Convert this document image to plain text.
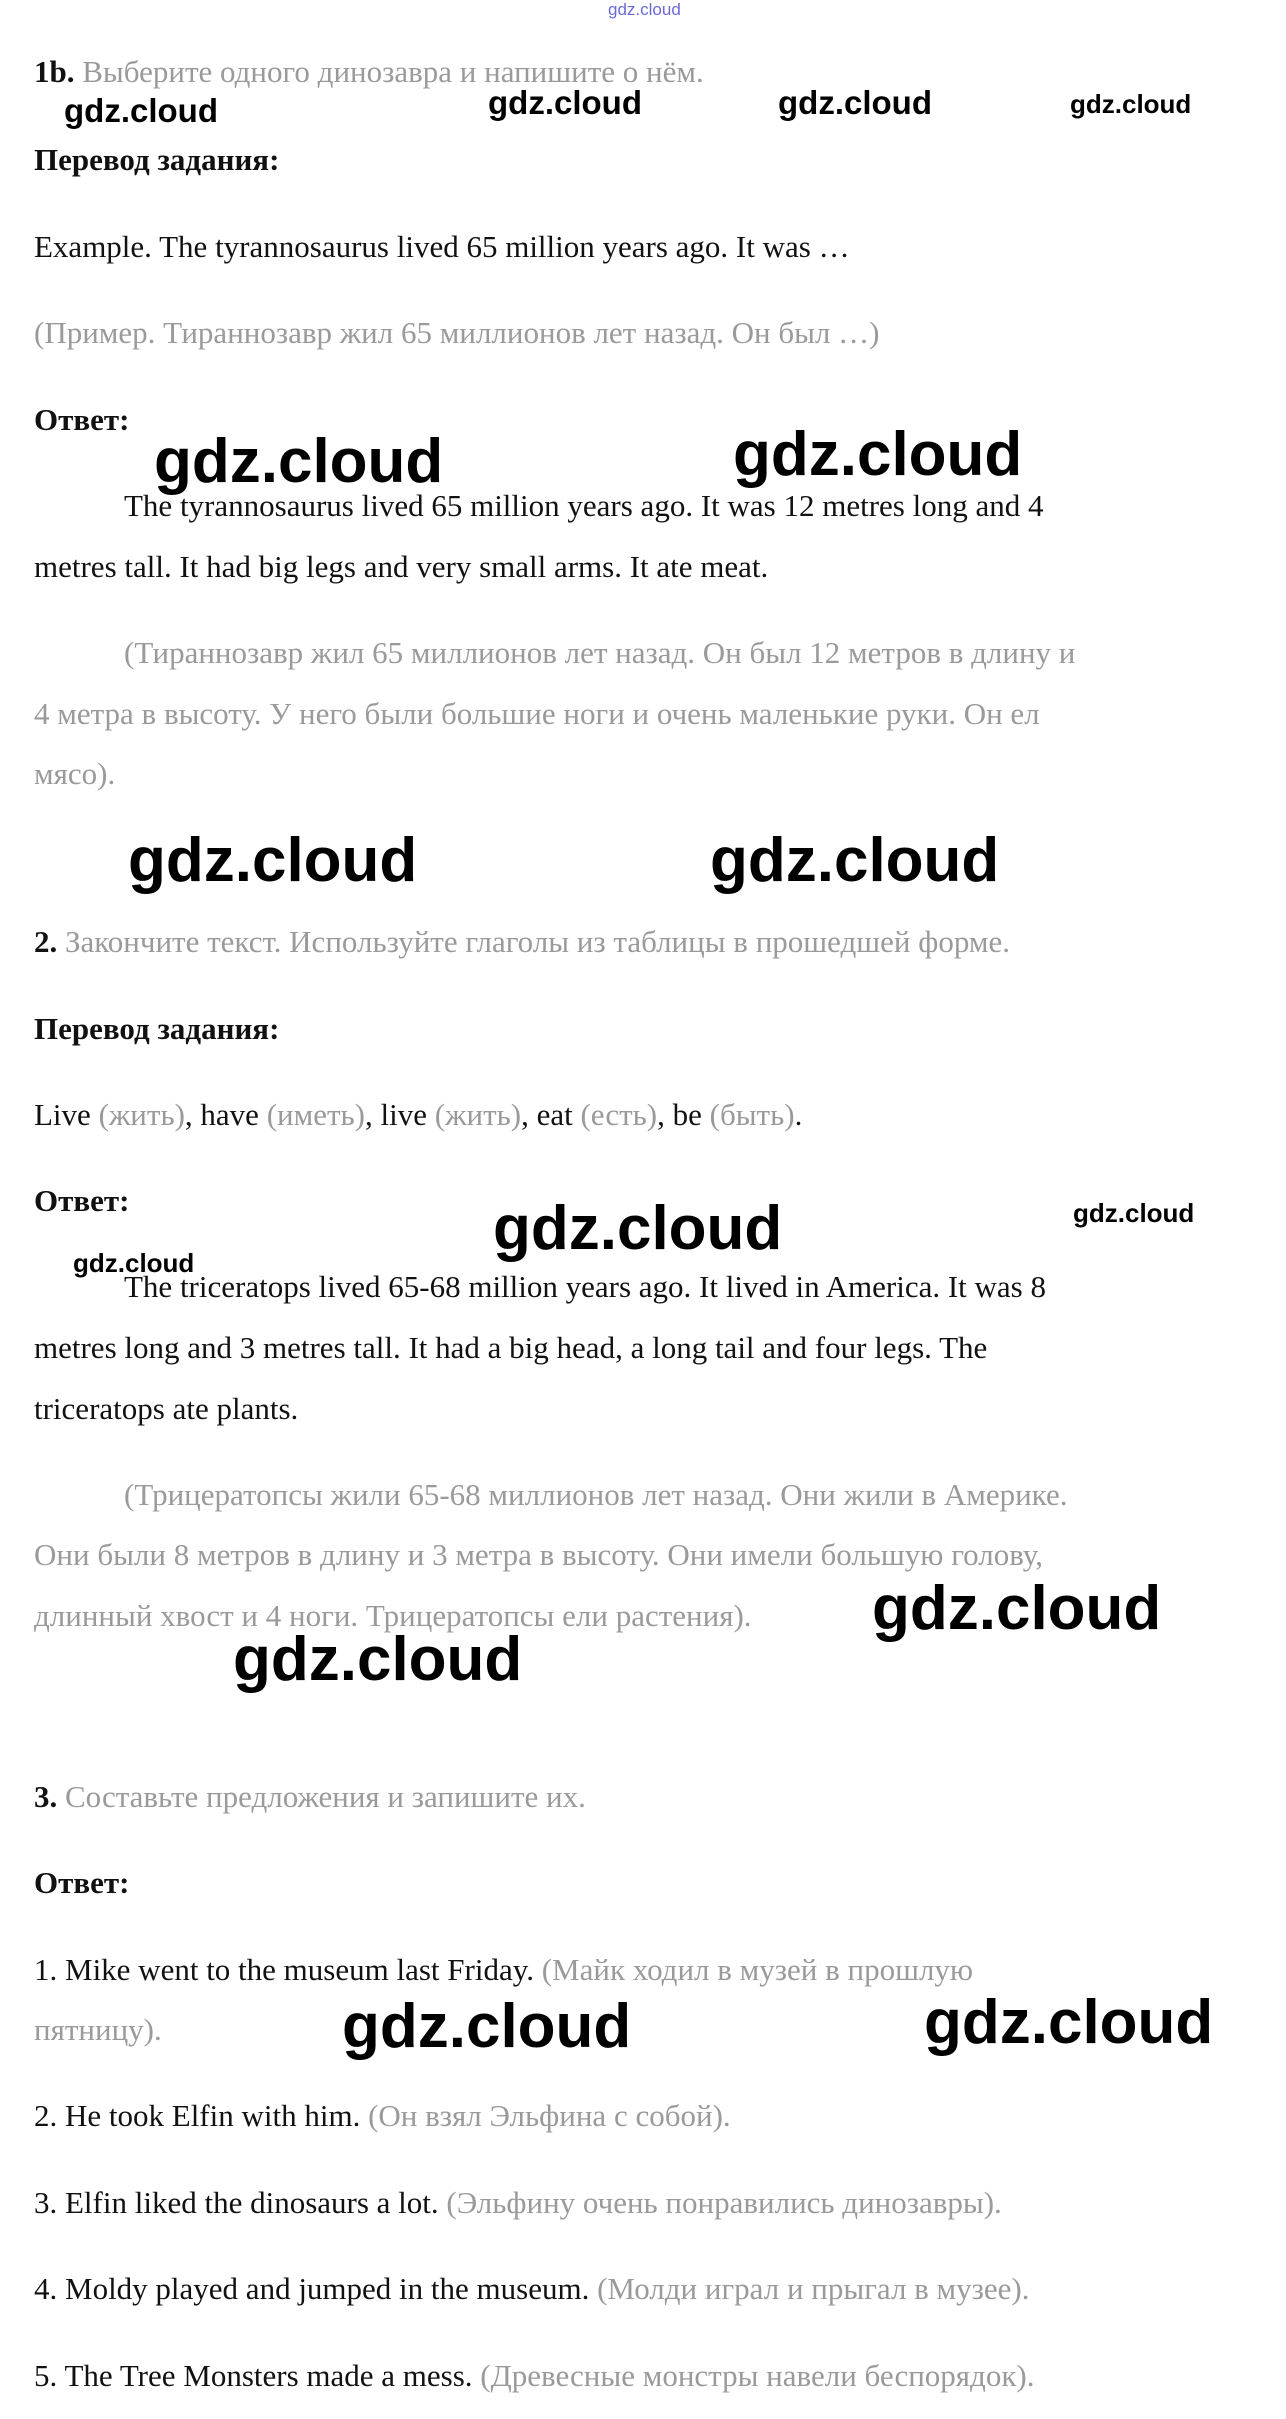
gdz.cloud
1b. Выберите одного динозавра и напишите о нём.
Перевод задания:
Example. The tyrannosaurus lived 65 million years ago. It was …
(Пример. Тираннозавр жил 65 миллионов лет назад. Он был …)
Ответ:
The tyrannosaurus lived 65 million years ago. It was 12 metres long and 4
metres tall. It had big legs and very small arms. It ate meat.
(Тираннозавр жил 65 миллионов лет назад. Он был 12 метров в длину и
4 метра в высоту. У него были большие ноги и очень маленькие руки. Он ел
мясо).
2. Закончите текст. Используйте глаголы из таблицы в прошедшей форме.
Перевод задания:
Live (жить), have (иметь), live (жить), eat (есть), be (быть).
Ответ:
The triceratops lived 65-68 million years ago. It lived in America. It was 8
metres long and 3 metres tall. It had a big head, a long tail and four legs. The
triceratops ate plants.
(Трицератопсы жили 65-68 миллионов лет назад. Они жили в Америке.
Они были 8 метров в длину и 3 метра в высоту. Они имели большую голову,
длинный хвост и 4 ноги. Трицератопсы ели растения).
3. Составьте предложения и запишите их.
Ответ:
1. Mike went to the museum last Friday. (Майк ходил в музей в прошлую
пятницу).
2. He took Elfin with him. (Он взял Эльфина с собой).
3. Elfin liked the dinosaurs a lot. (Эльфину очень понравились динозавры).
4. Moldy played and jumped in the museum. (Молди играл и прыгал в музее).
5. The Tree Monsters made a mess. (Древесные монстры навели беспорядок).
gdz.cloud	gdz.cloud	gdz.cloud	gdz.cloud
gdz.cloud	gdz.cloud
gdz.cloud	gdz.cloud
gdz.cloud	gdz.cloud
gdz.cloud
gdz.cloud
gdz.cloud
gdz.cloud	gdz.cloud
